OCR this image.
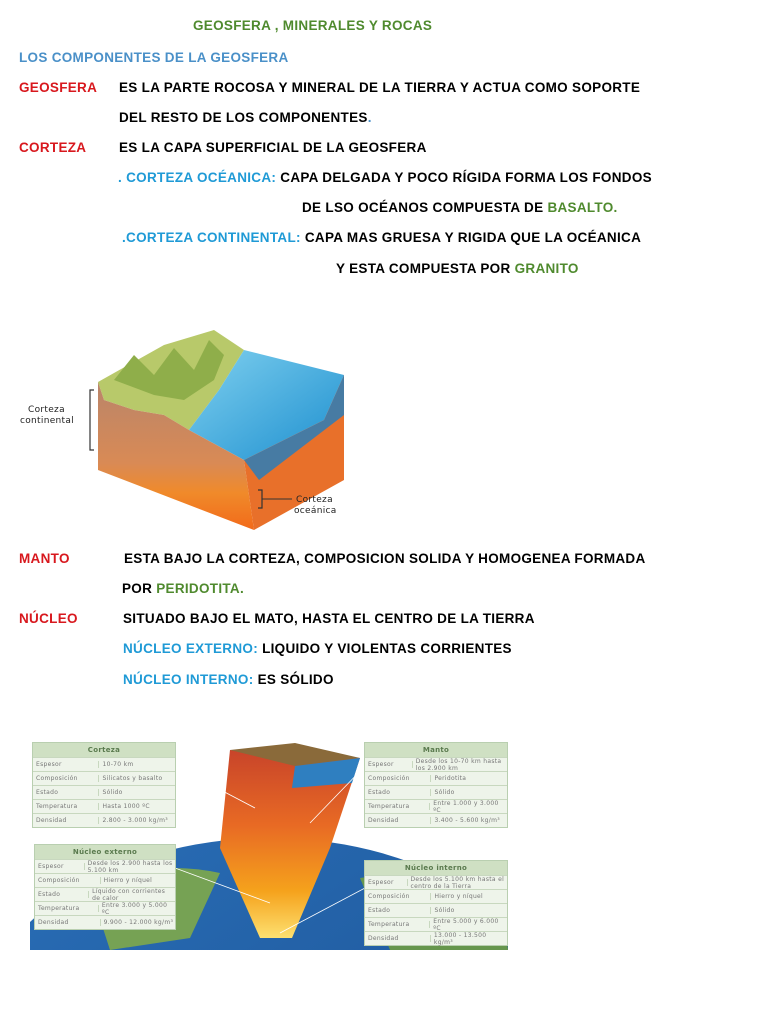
GEOSFERA , MINERALES Y ROCAS
LOS COMPONENTES DE LA GEOSFERA
GEOSFERA ES LA PARTE ROCOSA Y MINERAL DE LA TIERRA Y ACTUA COMO SOPORTE
DEL RESTO DE LOS COMPONENTES.
CORTEZA ES LA CAPA SUPERFICIAL DE LA GEOSFERA
. CORTEZA OCÉANICA: CAPA DELGADA Y POCO RÍGIDA FORMA LOS FONDOS
DE LSO OCÉANOS COMPUESTA DE BASALTO.
.CORTEZA CONTINENTAL: CAPA MAS GRUESA Y RIGIDA QUE LA OCÉANICA
Y ESTA COMPUESTA POR GRANITO
Corteza
continental
Corteza
oceánica
MANTO	ESTA BAJO LA CORTEZA, COMPOSICION SOLIDA Y HOMOGENEA FORMADA
POR PERIDOTITA.
NÚCLEO	SITUADO BAJO EL MATO, HASTA EL CENTRO DE LA TIERRA
NÚCLEO EXTERNO: LIQUIDO Y VIOLENTAS CORRIENTES
NÚCLEO INTERNO: ES SÓLIDO
Corteza
Espesor	10-70 km
Composición	Silicatos y basalto
Estado	Sólido
Temperatura	Hasta 1000 ºC
Densidad	2.800 - 3.000 kg/m³
Manto
Espesor	Desde los 10-70 km hasta los 2.900 km
Composición	Peridotita
Estado	Sólido
Temperatura	Entre 1.000 y 3.000 ºC
Densidad	3.400 - 5.600 kg/m³
Núcleo externo
Espesor	Desde los 2.900 hasta los 5.100 km
Composición	Hierro y níquel
Estado	Líquido con corrientes de calor
Temperatura	Entre 3.000 y 5.000 ºC
Densidad	9.900 - 12.000 kg/m³
Núcleo interno
Espesor	Desde los 5.100 km hasta el centro de la Tierra
Composición	Hierro y níquel
Estado	Sólido
Temperatura	Entre 5.000 y 6.000 ºC
Densidad	13.000 - 13.500 kg/m³
